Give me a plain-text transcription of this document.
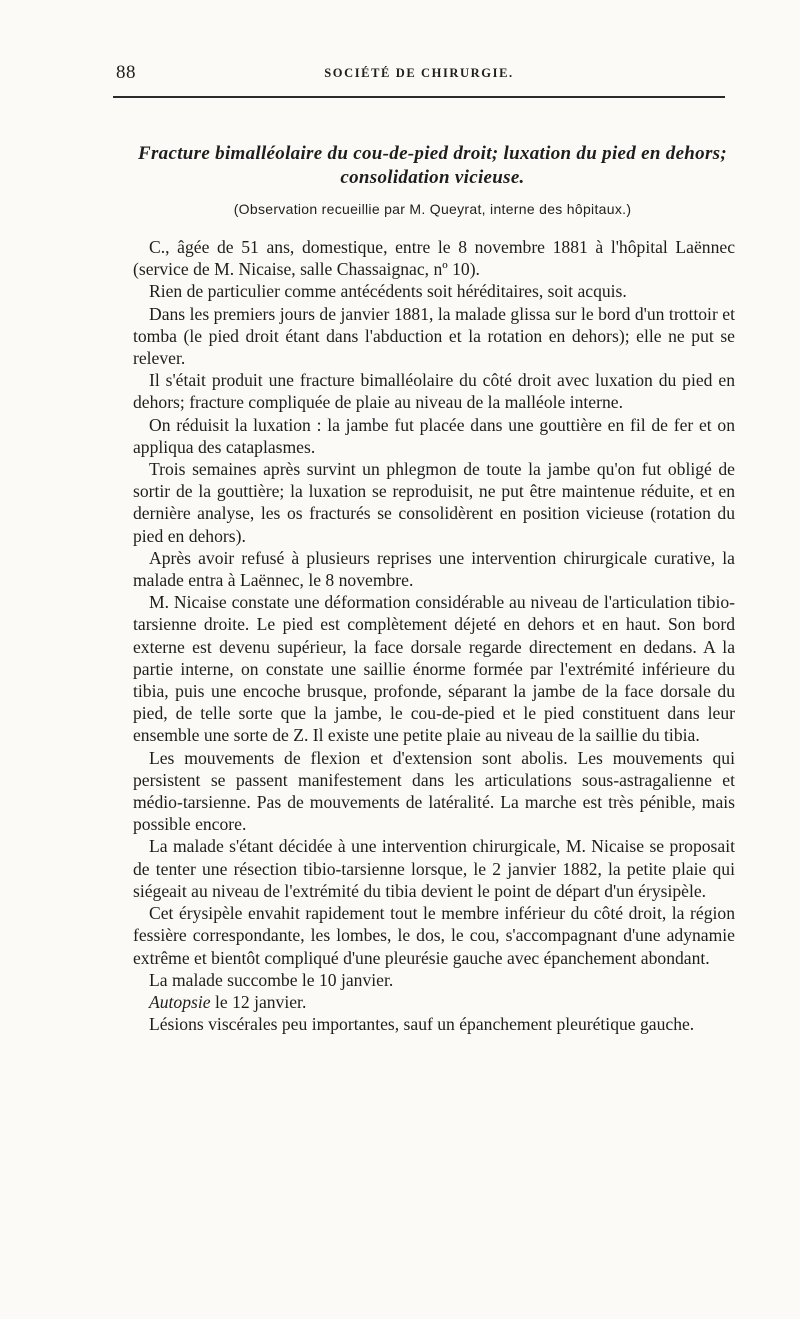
88	SOCIÉTÉ DE CHIRURGIE.
Fracture bimalléolaire du cou-de-pied droit; luxation du pied en dehors; consolidation vicieuse.
(Observation recueillie par M. Queyrat, interne des hôpitaux.)

C., âgée de 51 ans, domestique, entre le 8 novembre 1881 à l'hôpital Laënnec (service de M. Nicaise, salle Chassaignac, nº 10).

Rien de particulier comme antécédents soit héréditaires, soit acquis.

Dans les premiers jours de janvier 1881, la malade glissa sur le bord d'un trottoir et tomba (le pied droit étant dans l'abduction et la rotation en dehors); elle ne put se relever.

Il s'était produit une fracture bimalléolaire du côté droit avec luxation du pied en dehors; fracture compliquée de plaie au niveau de la malléole interne.

On réduisit la luxation : la jambe fut placée dans une gouttière en fil de fer et on appliqua des cataplasmes.

Trois semaines après survint un phlegmon de toute la jambe qu'on fut obligé de sortir de la gouttière; la luxation se reproduisit, ne put être maintenue réduite, et en dernière analyse, les os fracturés se consolidèrent en position vicieuse (rotation du pied en dehors).

Après avoir refusé à plusieurs reprises une intervention chirurgicale curative, la malade entra à Laënnec, le 8 novembre.

M. Nicaise constate une déformation considérable au niveau de l'articulation tibio-tarsienne droite. Le pied est complètement déjeté en dehors et en haut. Son bord externe est devenu supérieur, la face dorsale regarde directement en dedans. A la partie interne, on constate une saillie énorme formée par l'extrémité inférieure du tibia, puis une encoche brusque, profonde, séparant la jambe de la face dorsale du pied, de telle sorte que la jambe, le cou-de-pied et le pied constituent dans leur ensemble une sorte de Z. Il existe une petite plaie au niveau de la saillie du tibia.

Les mouvements de flexion et d'extension sont abolis. Les mouvements qui persistent se passent manifestement dans les articulations sous-astragalienne et médio-tarsienne. Pas de mouvements de latéralité. La marche est très pénible, mais possible encore.

La malade s'étant décidée à une intervention chirurgicale, M. Nicaise se proposait de tenter une résection tibio-tarsienne lorsque, le 2 janvier 1882, la petite plaie qui siégeait au niveau de l'extrémité du tibia devient le point de départ d'un érysipèle.

Cet érysipèle envahit rapidement tout le membre inférieur du côté droit, la région fessière correspondante, les lombes, le dos, le cou, s'accompagnant d'une adynamie extrême et bientôt compliqué d'une pleurésie gauche avec épanchement abondant.

La malade succombe le 10 janvier.

Autopsie le 12 janvier.

Lésions viscérales peu importantes, sauf un épanchement pleurétique gauche.
